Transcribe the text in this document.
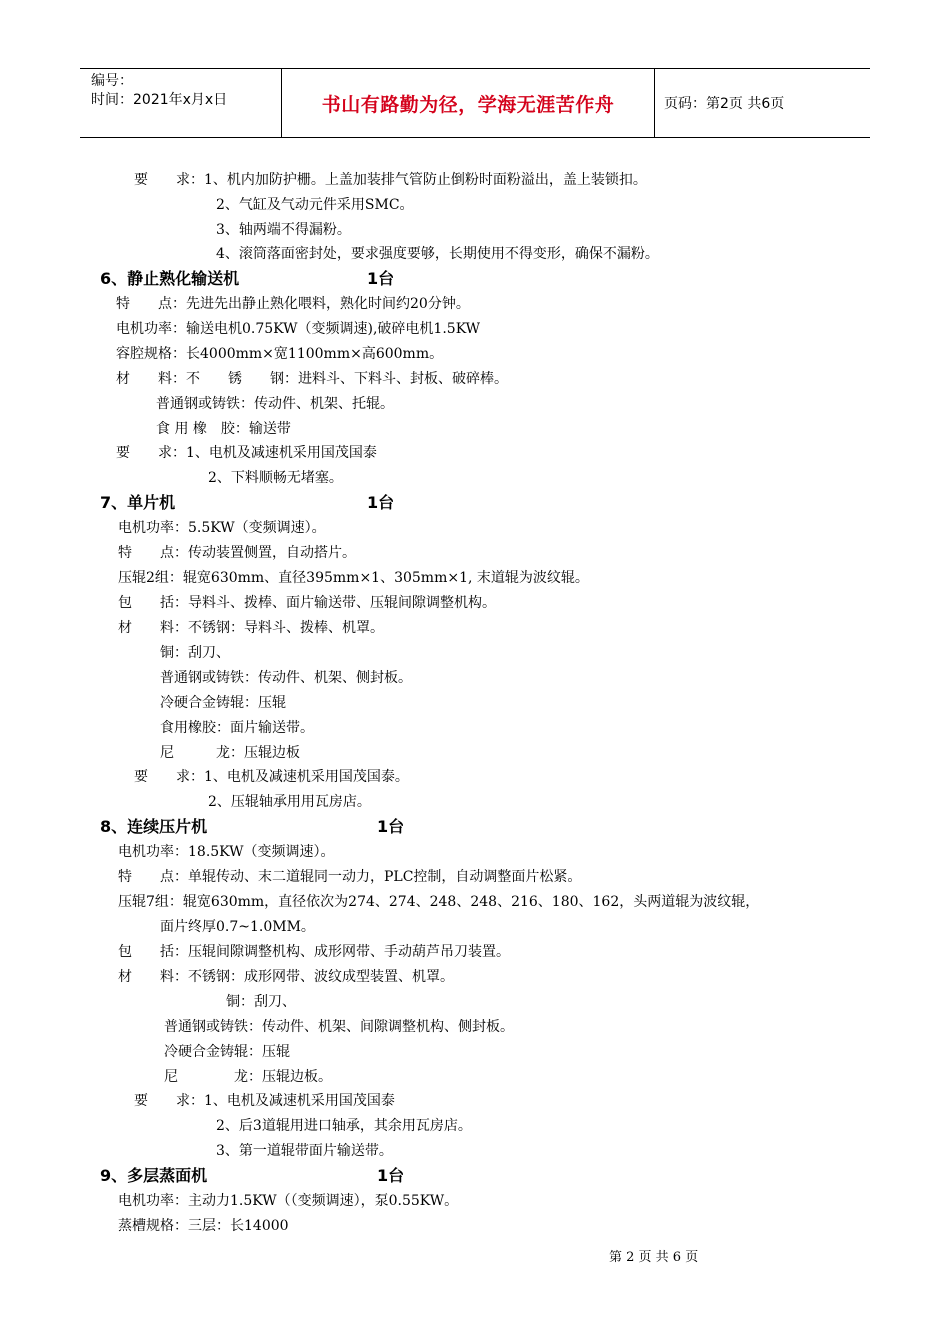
编号：
时间：2021年x月x日	书山有路勤为径，学海无涯苦作舟	页码：第2页 共6页
要　　求：1、机内加防护栅。上盖加装排气管防止倒粉时面粉溢出，盖上装锁扣。
2、气缸及气动元件采用SMC。
3、轴两端不得漏粉。
4、滚筒落面密封处，要求强度要够，长期使用不得变形，确保不漏粉。
6、静止熟化输送机	1台
特　　点：先进先出静止熟化喂料，熟化时间约20分钟。
电机功率：输送电机0.75KW（变频调速),破碎电机1.5KW
容腔规格：长4000mm×宽1100mm×高600mm。
材　　料：不　　锈　　钢：进料斗、下料斗、封板、破碎棒。
普通钢或铸铁：传动件、机架、托辊。
食 用 橡　胶：输送带
要　　求：1、电机及减速机采用国茂国泰
2、下料顺畅无堵塞。
7、单片机	1台
电机功率：5.5KW（变频调速）。
特　　点：传动装置侧置，自动搭片。
压辊2组：辊宽630mm、直径395mm×1、305mm×1, 末道辊为波纹辊。
包　　括：导料斗、拨棒、面片输送带、压辊间隙调整机构。
材　　料：不锈钢：导料斗、拨棒、机罩。
铜：刮刀、
普通钢或铸铁：传动件、机架、侧封板。
冷硬合金铸辊：压辊
食用橡胶：面片输送带。
尼　　　龙：压辊边板
要　　求：1、电机及减速机采用国茂国泰。
2、压辊轴承用用瓦房店。
8、连续压片机	1台
电机功率：18.5KW（变频调速）。
特　　点：单辊传动、末二道辊同一动力，PLC控制，自动调整面片松紧。
压辊7组：辊宽630mm，直径依次为274、274、248、248、216、180、162，头两道辊为波纹辊，
面片终厚0.7~1.0MM。
包　　括：压辊间隙调整机构、成形网带、手动葫芦吊刀装置。
材　　料：不锈钢：成形网带、波纹成型装置、机罩。
铜：刮刀、
普通钢或铸铁：传动件、机架、间隙调整机构、侧封板。
冷硬合金铸辊：压辊
尼　　　　龙：压辊边板。
要　　求：1、电机及减速机采用国茂国泰
2、后3道辊用进口轴承，其余用瓦房店。
3、第一道辊带面片输送带。
9、多层蒸面机	1台
电机功率：主动力1.5KW（（变频调速），泵0.55KW。
蒸槽规格：三层：长14000
第 2 页 共 6 页
